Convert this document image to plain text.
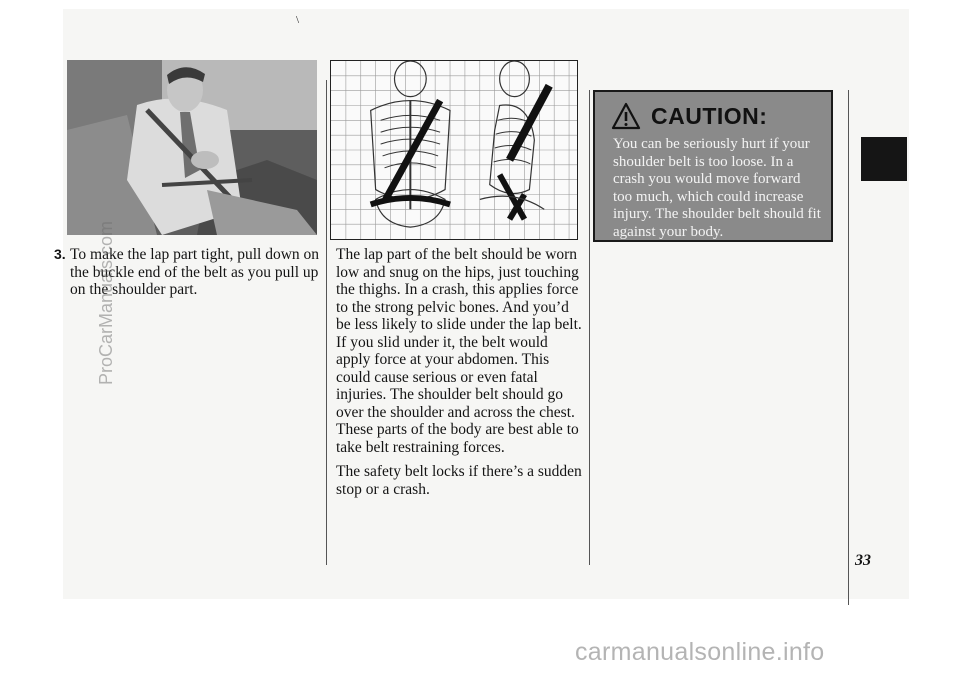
\

3. To make the lap part tight, pull down on the buckle end of the belt as you pull up on the shoulder part.

The lap part of the belt should be worn low and snug on the hips, just touching the thighs. In a crash, this applies force to the strong pelvic bones. And you’d be less likely to slide under the lap belt. If you slid under it, the belt would apply force at your abdomen. This could cause serious or even fatal injuries. The shoulder belt should go over the shoulder and across the chest. These parts of the body are best able to take belt restraining forces.

The safety belt locks if there’s a sudden stop or a crash.

CAUTION:

You can be seriously hurt if your shoulder belt is too loose. In a crash you would move forward too much, which could increase injury. The shoulder belt should fit against your body.

33
ProCarManuals.com
carmanualsonline.info
